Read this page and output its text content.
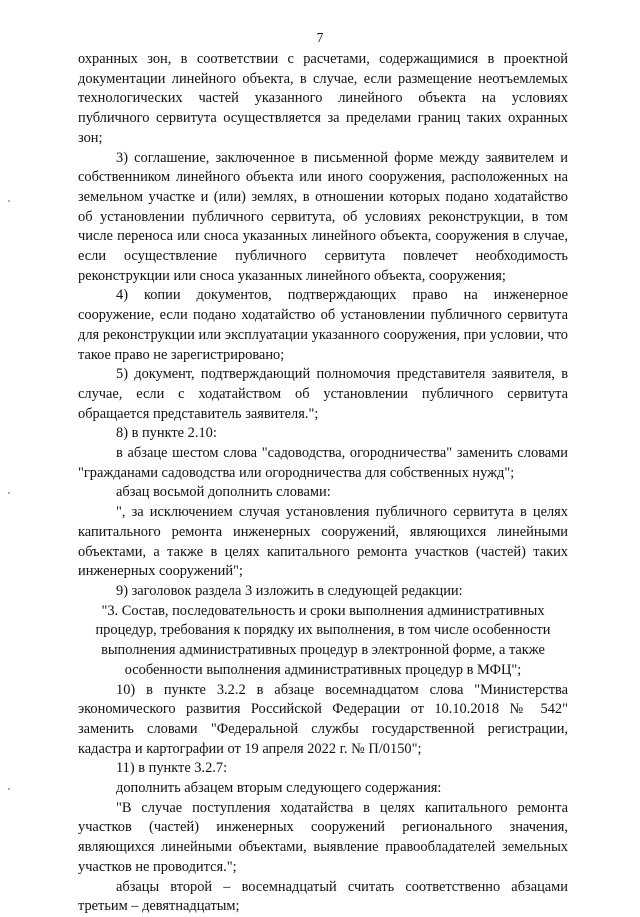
7

охранных зон, в соответствии с расчетами, содержащимися в проектной документации линейного объекта, в случае, если размещение неотъемлемых технологических частей указанного линейного объекта на условиях публичного сервитута осуществляется за пределами границ таких охранных зон;

3) соглашение, заключенное в письменной форме между заявителем и собственником линейного объекта или иного сооружения, расположенных на земельном участке и (или) землях, в отношении которых подано ходатайство об установлении публичного сервитута, об условиях реконструкции, в том числе переноса или сноса указанных линейного объекта, сооружения в случае, если осуществление публичного сервитута повлечет необходимость реконструкции или сноса указанных линейного объекта, сооружения;

4) копии документов, подтверждающих право на инженерное сооружение, если подано ходатайство об установлении публичного сервитута для реконструкции или эксплуатации указанного сооружения, при условии, что такое право не зарегистрировано;

5) документ, подтверждающий полномочия представителя заявителя, в случае, если с ходатайством об установлении публичного сервитута обращается представитель заявителя.";

8) в пункте 2.10:

в абзаце шестом слова "садоводства, огородничества" заменить словами "гражданами садоводства или огородничества для собственных нужд";

абзац восьмой дополнить словами:

", за исключением случая установления публичного сервитута в целях капитального ремонта инженерных сооружений, являющихся линейными объектами, а также в целях капитального ремонта участков (частей) таких инженерных сооружений";

9) заголовок раздела 3 изложить в следующей редакции:

"3. Состав, последовательность и сроки выполнения административных процедур, требования к порядку их выполнения, в том числе особенности выполнения административных процедур в электронной форме, а также особенности выполнения административных процедур в МФЦ";

10) в пункте 3.2.2 в абзаце восемнадцатом слова "Министерства экономического развития Российской Федерации от 10.10.2018 № 542" заменить словами "Федеральной службы государственной регистрации, кадастра и картографии от 19 апреля 2022 г. № П/0150";

11) в пункте 3.2.7:

дополнить абзацем вторым следующего содержания:

"В случае поступления ходатайства в целях капитального ремонта участков (частей) инженерных сооружений регионального значения, являющихся линейными объектами, выявление правообладателей земельных участков не проводится.";

абзацы второй – восемнадцатый считать соответственно абзацами третьим – девятнадцатым;
